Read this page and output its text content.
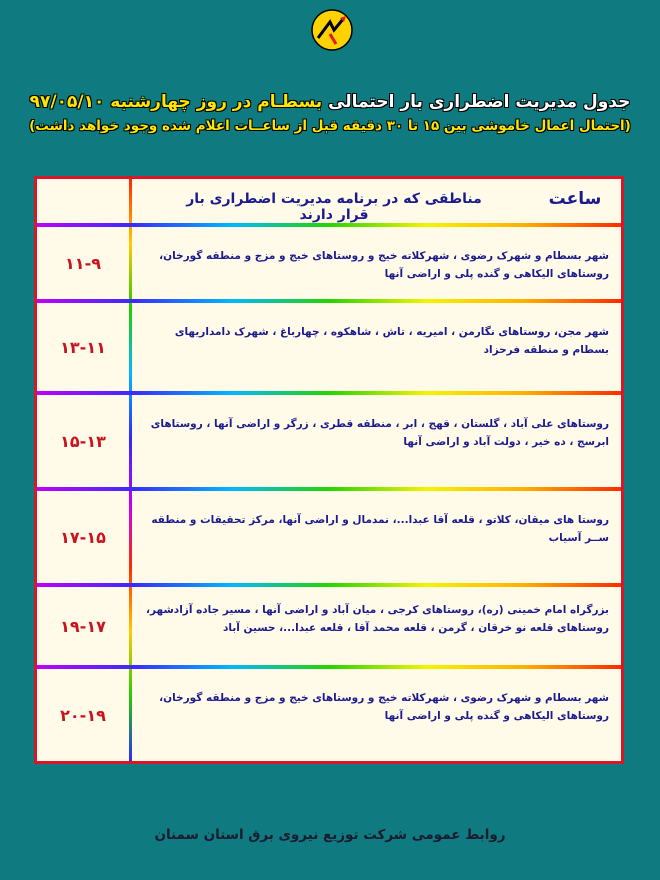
جدول مدیریت اضطراری بار احتمالی بسطـام در روز چهارشنبه ۹۷/۰۵/۱۰
(احتمال اعمال خاموشی بین ۱۵ تا ۳۰ دقیقه قبل از ساعــات اعلام شده وجود خواهد داشت)
ساعت
مناطقی که در برنامه مدیریت اضطراری بار قرار دارند
شهر بسطام و شهرک رضوی ، شهرکلاته خیج و روستاهای خیج و مزج و منطقه گورخان، روستاهای الیکاهی و گنده پلی و اراضی آنها
۱۱-۹
شهر مجن، روستاهای نگارمن ، امیریه ، تاش ، شاهکوه ، چهارباغ ، شهرک دامداریهای بسطام و منطقه فرحزاد
۱۳-۱۱
روستاهای علی آباد ، گلستان ، قهج ، ابر ، منطقه قطری ، زرگر و اراضی آنها ، روستاهای ابرسج ، ده خیر ، دولت آباد و اراضی آنها
۱۵-۱۳
روستا های میقان، کلاتو ، قلعه آقا عبدا...، نمدمال و اراضی آنها، مرکز تحقیقات و منطقه ســر آسیاب
۱۷-۱۵
بزرگراه امام خمینی (ره)، روستاهای کرجی ، میان آباد و اراضی آنها ، مسیر جاده آزادشهر، روستاهای قلعه نو خرقان ، گرمن ، قلعه محمد آقا ، قلعه عبدا...، حسین آباد
۱۹-۱۷
شهر بسطام و شهرک رضوی ، شهرکلاته خیج و روستاهای خیج و مزج و منطقه گورخان، روستاهای الیکاهی و گنده پلی و اراضی آنها
۲۰-۱۹
روابط عمومی شرکت توزیع نیروی برق استان سمنان
